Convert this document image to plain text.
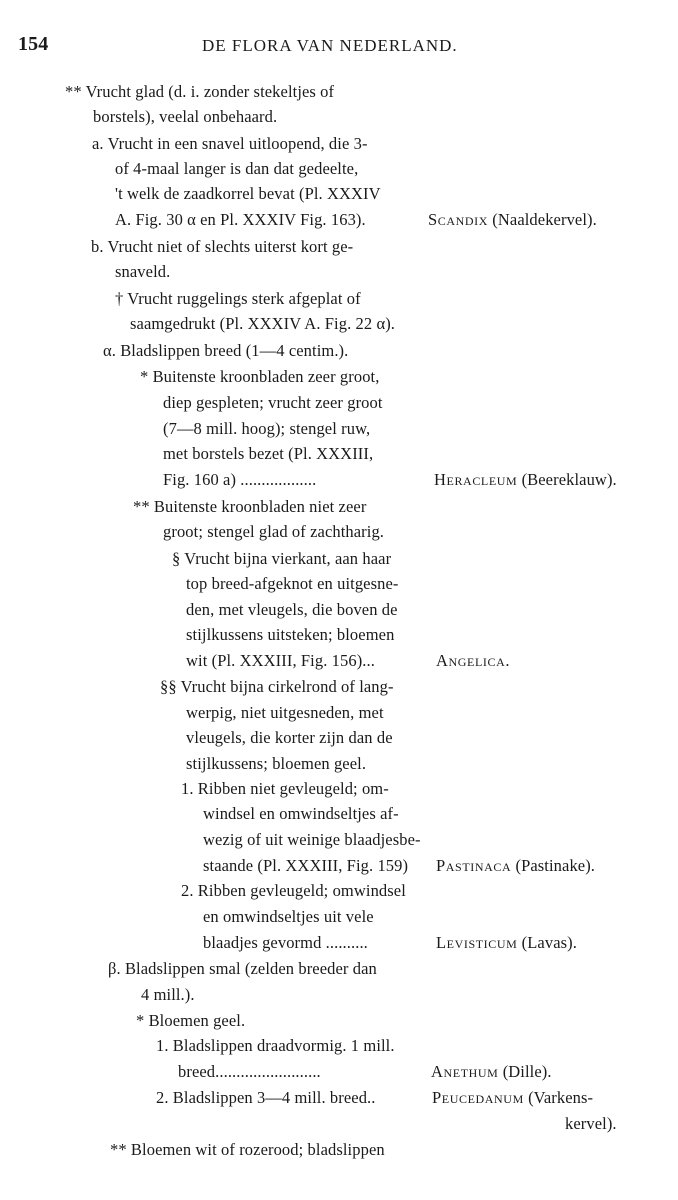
154	DE FLORA VAN NEDERLAND.
** Vrucht glad (d. i. zonder stekeltjes of
borstels), veelal onbehaard.
a. Vrucht in een snavel uitloopend, die 3-
of 4-maal langer is dan dat gedeelte,
't welk de zaadkorrel bevat (Pl. XXXIV
A. Fig. 30 α en Pl. XXXIV Fig. 163).	Scandix (Naaldekervel).
b. Vrucht niet of slechts uiterst kort ge-
snaveld.
† Vrucht ruggelings sterk afgeplat of
saamgedrukt (Pl. XXXIV A. Fig. 22 α).
α. Bladslippen breed (1—4 centim.).
* Buitenste kroonbladen zeer groot,
diep gespleten; vrucht zeer groot
(7—8 mill. hoog); stengel ruw,
met borstels bezet (Pl. XXXIII,
Fig. 160 a) ..................	Heracleum (Beereklauw).
** Buitenste kroonbladen niet zeer
groot; stengel glad of zachtharig.
§ Vrucht bijna vierkant, aan haar
top breed-afgeknot en uitgesne-
den, met vleugels, die boven de
stijlkussens uitsteken; bloemen
wit (Pl. XXXIII, Fig. 156)...	Angelica.
§§ Vrucht bijna cirkelrond of lang-
werpig, niet uitgesneden, met
vleugels, die korter zijn dan de
stijlkussens; bloemen geel.
1. Ribben niet gevleugeld; om-
windsel en omwindseltjes af-
wezig of uit weinige blaadjesbe-
staande (Pl. XXXIII, Fig. 159) Pastinaca (Pastinake).
2. Ribben gevleugeld; omwindsel
en omwindseltjes uit vele
blaadjes gevormd ..........	Levisticum (Lavas).
β. Bladslippen smal (zelden breeder dan
4 mill.).
* Bloemen geel.
1. Bladslippen draadvormig. 1 mill.
breed.........................	Anethum (Dille).
2. Bladslippen 3—4 mill. breed..	Peucedanum (Varkens-
kervel).
** Bloemen wit of rozerood; bladslippen
